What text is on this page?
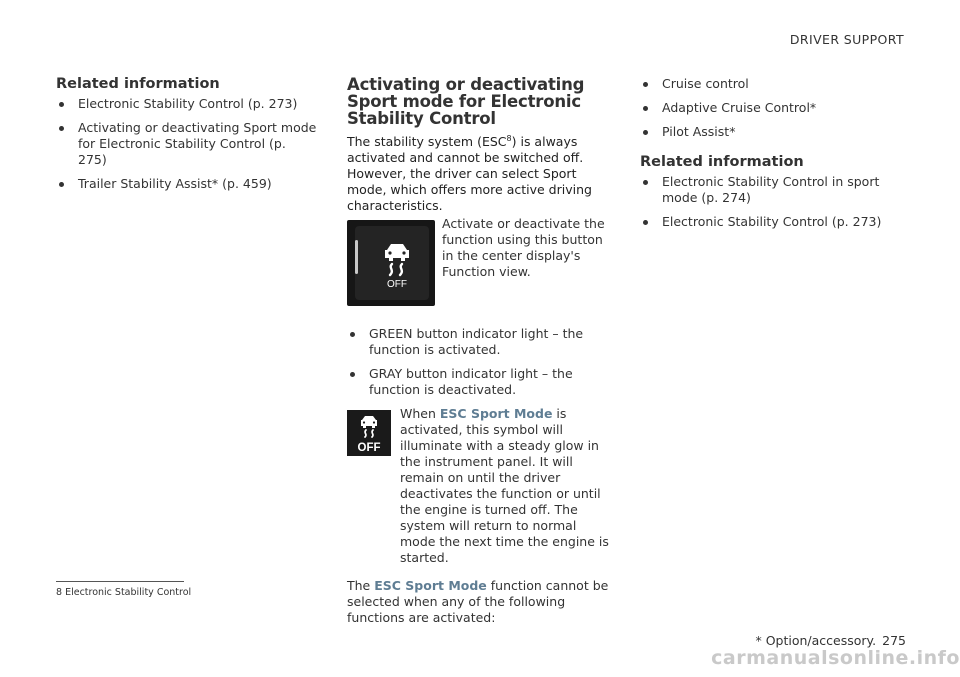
DRIVER SUPPORT
Related information
Electronic Stability Control (p. 273)
Activating or deactivating Sport mode for Electronic Stability Control (p. 275)
Trailer Stability Assist* (p. 459)
Activating or deactivating Sport mode for Electronic Stability Control

The stability system (ESC$^8$) is always activated and cannot be switched off. However, the driver can select Sport mode, which offers more active driving characteristics.

OFF

Activate or deactivate the function using this button in the center display's Function view.

GREEN button indicator light – the function is activated.
GRAY button indicator light – the function is deactivated.
OFF

When ESC Sport Mode is activated, this symbol will illuminate with a steady glow in the instrument panel. It will remain on until the driver deactivates the function or until the engine is turned off. The system will return to normal mode the next time the engine is started.

The ESC Sport Mode function cannot be selected when any of the following functions are activated:

Cruise control
Adaptive Cruise Control*
Pilot Assist*
Related information
Electronic Stability Control in sport mode (p. 274)
Electronic Stability Control (p. 273)
8 Electronic Stability Control
* Option/accessory. 275
carmanualsonline.info
